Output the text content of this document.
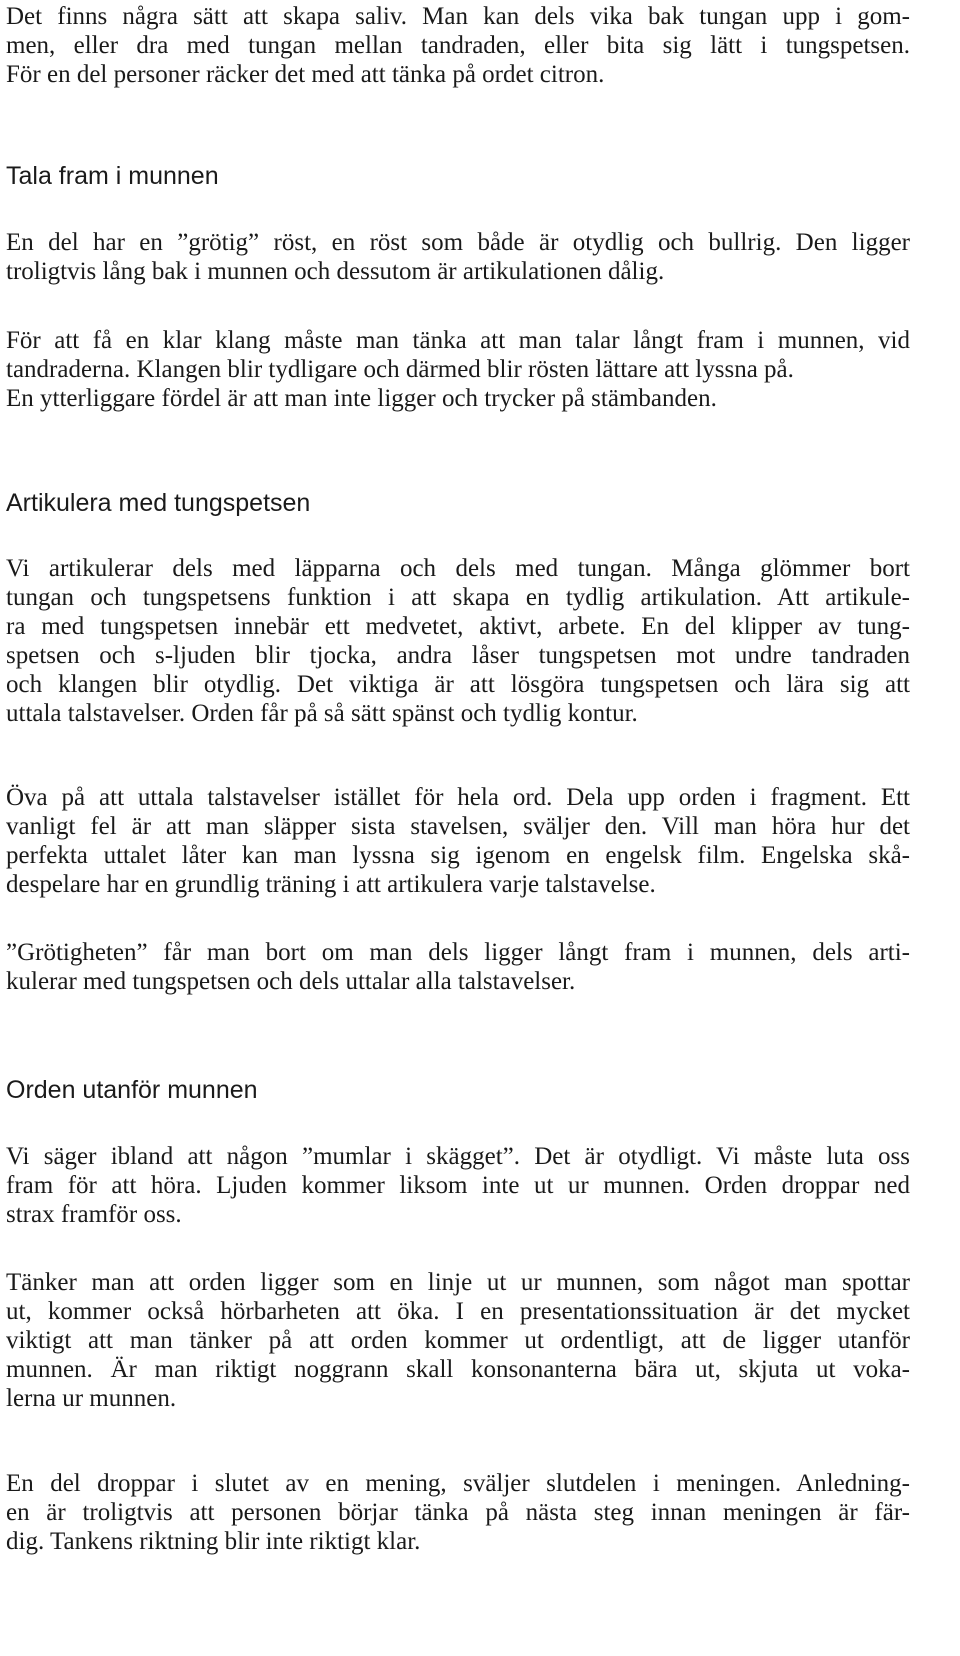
Det finns några sätt att skapa saliv. Man kan dels vika bak tungan upp i gom-
men, eller dra med tungan mellan tandraden, eller bita sig lätt i tungspetsen.
För en del personer räcker det med att tänka på ordet citron.

Tala fram i munnen

En del har en ”grötig” röst, en röst som både är otydlig och bullrig. Den ligger
troligtvis lång bak i munnen och dessutom är artikulationen dålig.

För att få en klar klang måste man tänka att man talar långt fram i munnen, vid
tandraderna. Klangen blir tydligare och därmed blir rösten lättare att lyssna på.
En ytterliggare fördel är att man inte ligger och trycker på stämbanden.

Artikulera med tungspetsen

Vi artikulerar dels med läpparna och dels med tungan. Många glömmer bort
tungan och tungspetsens funktion i att skapa en tydlig artikulation. Att artikule-
ra med tungspetsen innebär ett medvetet, aktivt, arbete. En del klipper av tung-
spetsen och s-ljuden blir tjocka, andra låser tungspetsen mot undre tandraden
och klangen blir otydlig. Det viktiga är att lösgöra tungspetsen och lära sig att
uttala talstavelser. Orden får på så sätt spänst och tydlig kontur.

Öva på att uttala talstavelser istället för hela ord. Dela upp orden i fragment. Ett
vanligt fel är att man släpper sista stavelsen, sväljer den. Vill man höra hur det
perfekta uttalet låter kan man lyssna sig igenom en engelsk film. Engelska skå-
despelare har en grundlig träning i att artikulera varje talstavelse.

”Grötigheten” får man bort om man dels ligger långt fram i munnen, dels arti-
kulerar med tungspetsen och dels uttalar alla talstavelser.

Orden utanför munnen

Vi säger ibland att någon ”mumlar i skägget”. Det är otydligt. Vi måste luta oss
fram för att höra. Ljuden kommer liksom inte ut ur munnen. Orden droppar ned
strax framför oss.

Tänker man att orden ligger som en linje ut ur munnen, som något man spottar
ut, kommer också hörbarheten att öka. I en presentationssituation är det mycket
viktigt att man tänker på att orden kommer ut ordentligt, att de ligger utanför
munnen. Är man riktigt noggrann skall konsonanterna bära ut, skjuta ut voka-
lerna ur munnen.

En del droppar i slutet av en mening, sväljer slutdelen i meningen. Anledning-
en är troligtvis att personen börjar tänka på nästa steg innan meningen är fär-
dig. Tankens riktning blir inte riktigt klar.
